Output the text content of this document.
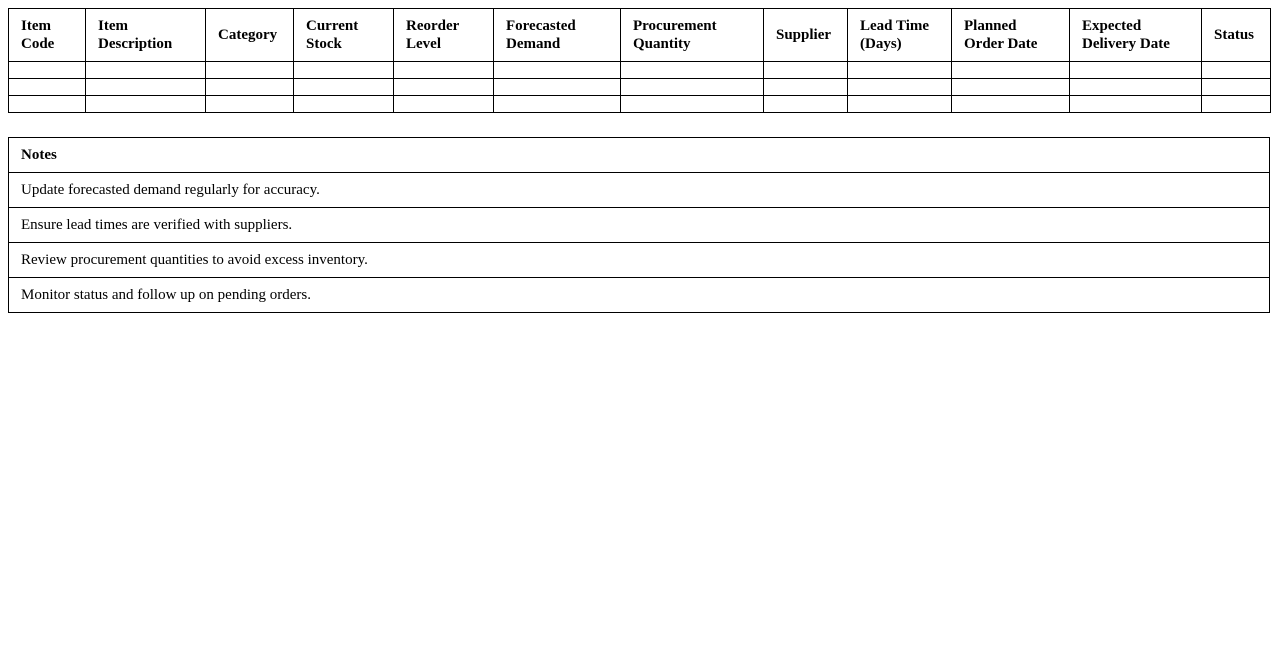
Item Code	Item Description	Category	Current Stock	Reorder Level	Forecasted Demand	Procurement Quantity	Supplier	Lead Time (Days)	Planned Order Date	Expected Delivery Date	Status

Notes
Update forecasted demand regularly for accuracy.
Ensure lead times are verified with suppliers.
Review procurement quantities to avoid excess inventory.
Monitor status and follow up on pending orders.
